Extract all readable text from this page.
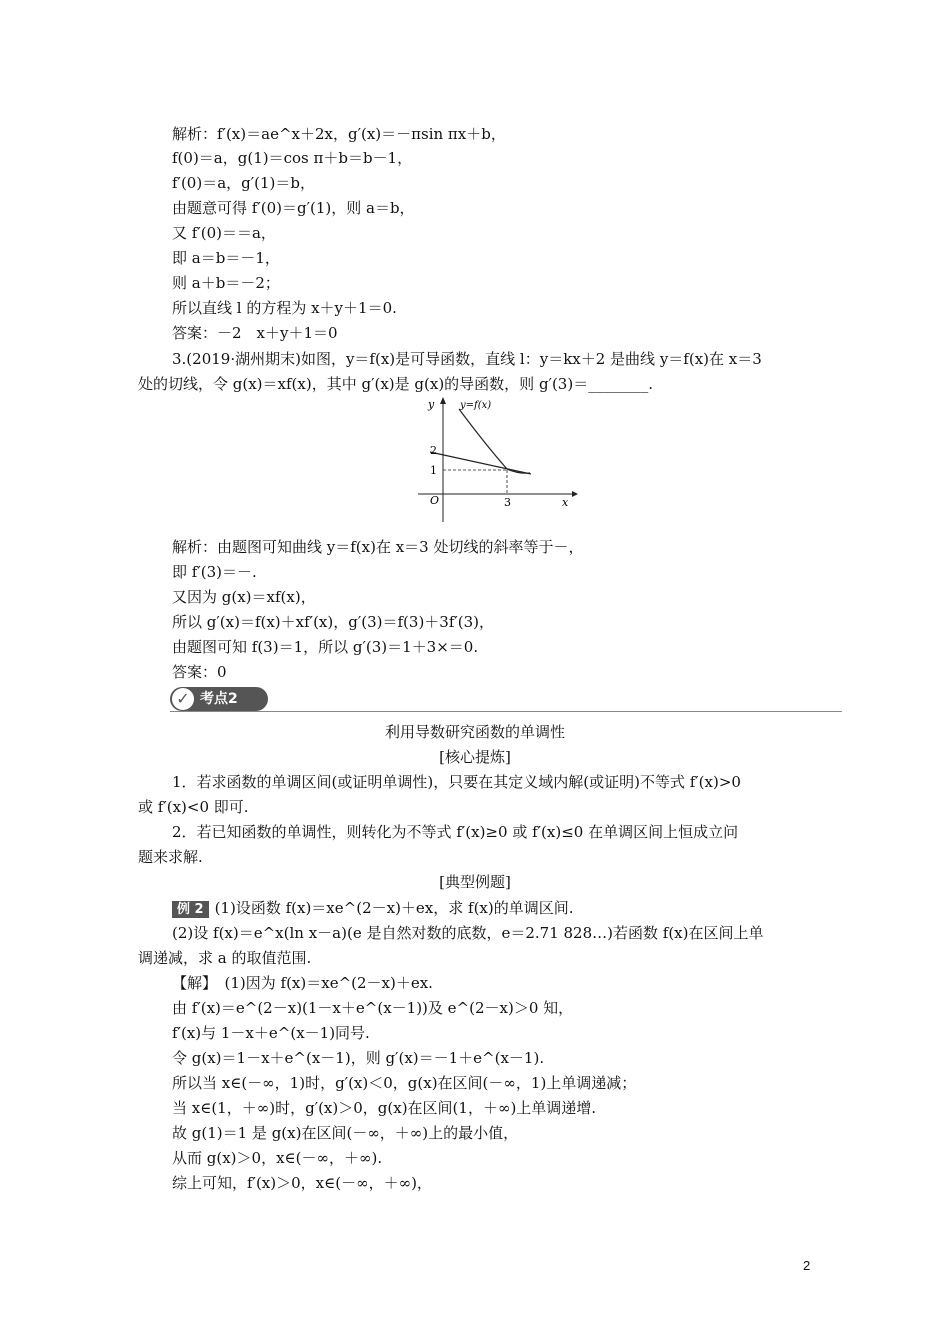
解析：f′(x)＝ae^x＋2x，g′(x)＝－πsin πx＋b，
f(0)＝a，g(1)＝cos π＋b＝b－1，
f′(0)＝a，g′(1)＝b，
由题意可得 f′(0)＝g′(1)，则 a＝b，
又 f′(0)＝＝a，
即 a＝b＝－1，
则 a＋b＝－2；
所以直线 l 的方程为 x＋y＋1＝0.
答案：－2　x＋y＋1＝0
3.(2019·湖州期末)如图，y＝f(x)是可导函数，直线 l：y＝kx＋2 是曲线 y＝f(x)在 x＝3
处的切线，令 g(x)＝xf(x)，其中 g′(x)是 g(x)的导函数，则 g′(3)＝________.
y	y=f(x)
x
O
2
1
3
解析：由题图可知曲线 y＝f(x)在 x＝3 处切线的斜率等于－，
即 f′(3)＝－.
又因为 g(x)＝xf(x)，
所以 g′(x)＝f(x)＋xf′(x)，g′(3)＝f(3)＋3f′(3)，
由题图可知 f(3)＝1，所以 g′(3)＝1＋3×＝0.
答案：0
✓ 考点2
利用导数研究函数的单调性
[核心提炼]
1．若求函数的单调区间(或证明单调性)，只要在其定义域内解(或证明)不等式 f′(x)>0
或 f′(x)<0 即可.
2．若已知函数的单调性，则转化为不等式 f′(x)≥0 或 f′(x)≤0 在单调区间上恒成立问
题来求解.
[典型例题]
例 2 (1)设函数 f(x)＝xe^(2－x)＋ex，求 f(x)的单调区间.
(2)设 f(x)＝e^x(ln x－a)(e 是自然对数的底数，e＝2.71 828…)若函数 f(x)在区间上单
调递减，求 a 的取值范围.
【解】　(1)因为 f(x)＝xe^(2－x)＋ex.
由 f′(x)＝e^(2－x)(1－x＋e^(x－1))及 e^(2－x)＞0 知，
f′(x)与 1－x＋e^(x－1)同号.
令 g(x)＝1－x＋e^(x－1)，则 g′(x)＝－1＋e^(x－1).
所以当 x∈(－∞，1)时，g′(x)＜0，g(x)在区间(－∞，1)上单调递减；
当 x∈(1，＋∞)时，g′(x)＞0，g(x)在区间(1，＋∞)上单调递增.
故 g(1)＝1 是 g(x)在区间(－∞，＋∞)上的最小值，
从而 g(x)＞0，x∈(－∞，＋∞).
综上可知，f′(x)＞0，x∈(－∞，＋∞)，
2
